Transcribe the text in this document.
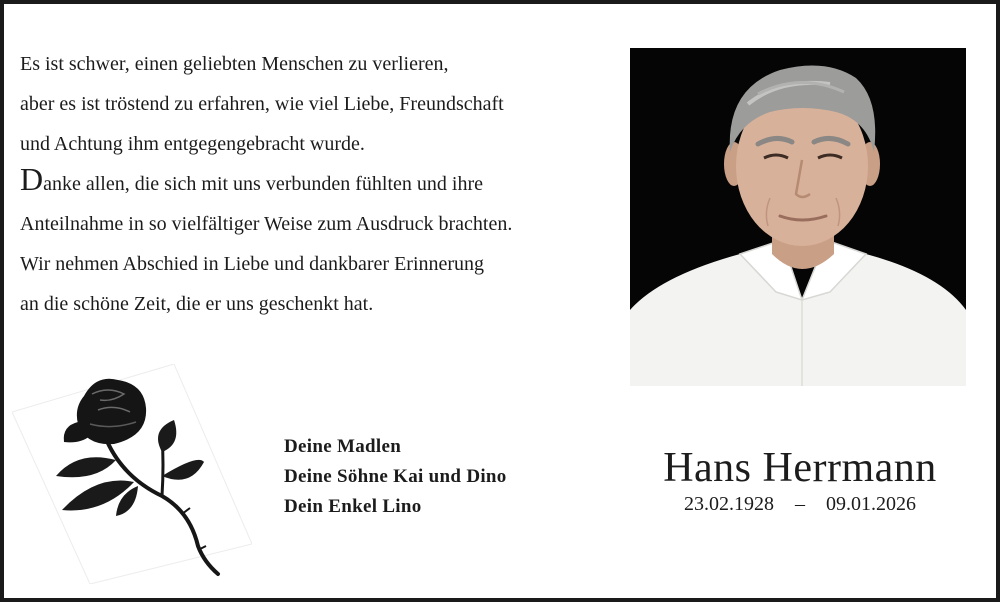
Es ist schwer, einen geliebten Menschen zu verlieren,
aber es ist tröstend zu erfahren, wie viel Liebe, Freundschaft
und Achtung ihm entgegengebracht wurde.
Danke allen, die sich mit uns verbunden fühlten und ihre
Anteilnahme in so vielfältiger Weise zum Ausdruck brachten.
Wir nehmen Abschied in Liebe und dankbarer Erinnerung
an die schöne Zeit, die er uns geschenkt hat.
Deine Madlen
Deine Söhne Kai und Dino
Dein Enkel Lino
Hans Herrmann
23.02.1928 – 09.01.2026
